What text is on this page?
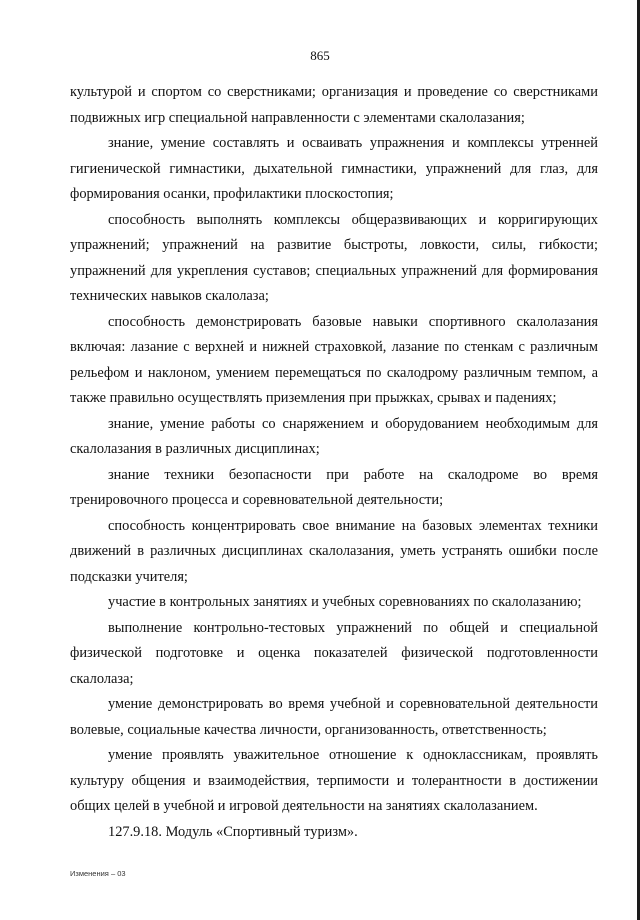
865

культурой и спортом со сверстниками; организация и проведение со сверстниками подвижных игр специальной направленности с элементами скалолазания;

знание, умение составлять и осваивать упражнения и комплексы утренней гигиенической гимнастики, дыхательной гимнастики, упражнений для глаз, для формирования осанки, профилактики плоскостопия;

способность выполнять комплексы общеразвивающих и корригирующих упражнений; упражнений на развитие быстроты, ловкости, силы, гибкости; упражнений для укрепления суставов; специальных упражнений для формирования технических навыков скалолаза;

способность демонстрировать базовые навыки спортивного скалолазания включая: лазание с верхней и нижней страховкой, лазание по стенкам с различным рельефом и наклоном, умением перемещаться по скалодрому различным темпом, а также правильно осуществлять приземления при прыжках, срывах и падениях;

знание, умение работы со снаряжением и оборудованием необходимым для скалолазания в различных дисциплинах;

знание техники безопасности при работе на скалодроме во время тренировочного процесса и соревновательной деятельности;

способность концентрировать свое внимание на базовых элементах техники движений в различных дисциплинах скалолазания, уметь устранять ошибки после подсказки учителя;

участие в контрольных занятиях и учебных соревнованиях по скалолазанию;

выполнение контрольно-тестовых упражнений по общей и специальной физической подготовке и оценка показателей физической подготовленности скалолаза;

умение демонстрировать во время учебной и соревновательной деятельности волевые, социальные качества личности, организованность, ответственность;

умение проявлять уважительное отношение к одноклассникам, проявлять культуру общения и взаимодействия, терпимости и толерантности в достижении общих целей в учебной и игровой деятельности на занятиях скалолазанием.

127.9.18. Модуль «Спортивный туризм».

Изменения – 03
